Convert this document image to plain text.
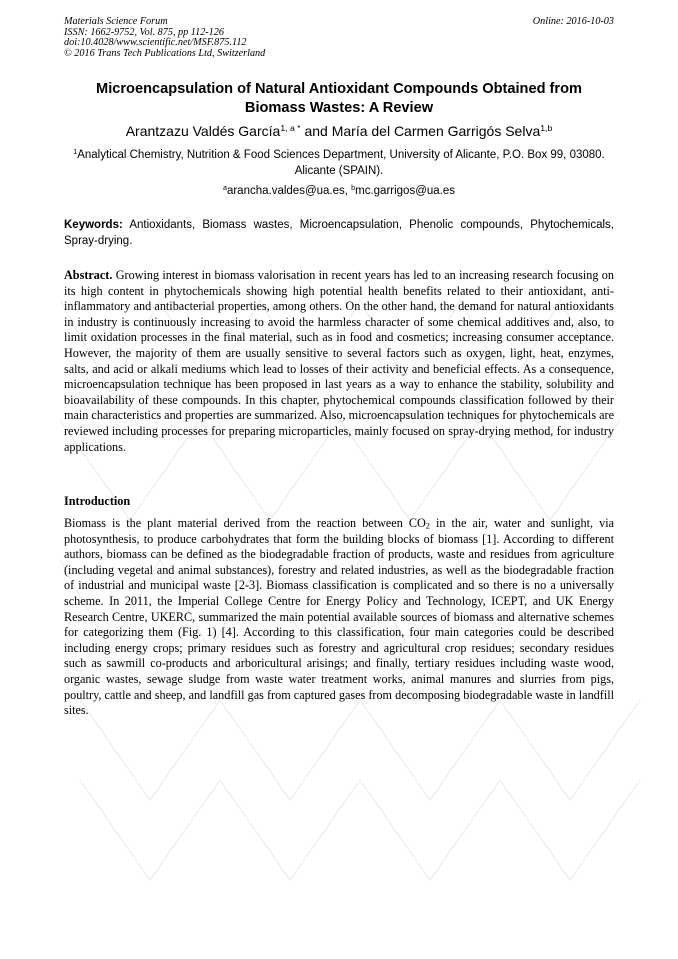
Materials Science Forum
ISSN: 1662-9752, Vol. 875, pp 112-126
doi:10.4028/www.scientific.net/MSF.875.112
© 2016 Trans Tech Publications Ltd, Switzerland
Online: 2016-10-03
Microencapsulation of Natural Antioxidant Compounds Obtained from Biomass Wastes: A Review
Arantzazu Valdés García$^{1, a *}$ and María del Carmen Garrigós Selva$^{1,b}$
$^1$Analytical Chemistry, Nutrition & Food Sciences Department, University of Alicante, P.O. Box 99, 03080. Alicante (SPAIN).
$^a$arancha.valdes@ua.es, $^b$mc.garrigos@ua.es
Keywords: Antioxidants, Biomass wastes, Microencapsulation, Phenolic compounds, Phytochemicals, Spray-drying.
Abstract. Growing interest in biomass valorisation in recent years has led to an increasing research focusing on its high content in phytochemicals showing high potential health benefits related to their antioxidant, anti-inflammatory and antibacterial properties, among others. On the other hand, the demand for natural antioxidants in industry is continuously increasing to avoid the harmless character of some chemical additives and, also, to limit oxidation processes in the final material, such as in food and cosmetics; increasing consumer acceptance. However, the majority of them are usually sensitive to several factors such as oxygen, light, heat, enzymes, salts, and acid or alkali mediums which lead to losses of their activity and beneficial effects. As a consequence, microencapsulation technique has been proposed in last years as a way to enhance the stability, solubility and bioavailability of these compounds. In this chapter, phytochemical compounds classification followed by their main characteristics and properties are summarized. Also, microencapsulation techniques for phytochemicals are reviewed including processes for preparing microparticles, mainly focused on spray-drying method, for industry applications.
Introduction
Biomass is the plant material derived from the reaction between $CO_2$ in the air, water and sunlight, via photosynthesis, to produce carbohydrates that form the building blocks of biomass [1]. According to different authors, biomass can be defined as the biodegradable fraction of products, waste and residues from agriculture (including vegetal and animal substances), forestry and related industries, as well as the biodegradable fraction of industrial and municipal waste [2-3]. Biomass classification is complicated and so there is no a universally scheme. In 2011, the Imperial College Centre for Energy Policy and Technology, ICEPT, and UK Energy Research Centre, UKERC, summarized the main potential available sources of biomass and alternative schemes for categorizing them (Fig. 1) [4]. According to this classification, four main categories could be described including energy crops; primary residues such as forestry and agricultural crop residues; secondary residues such as sawmill co-products and arboricultural arisings; and finally, tertiary residues including waste wood, organic wastes, sewage sludge from waste water treatment works, animal manures and slurries from pigs, poultry, cattle and sheep, and landfill gas from captured gases from decomposing biodegradable waste in landfill sites.
